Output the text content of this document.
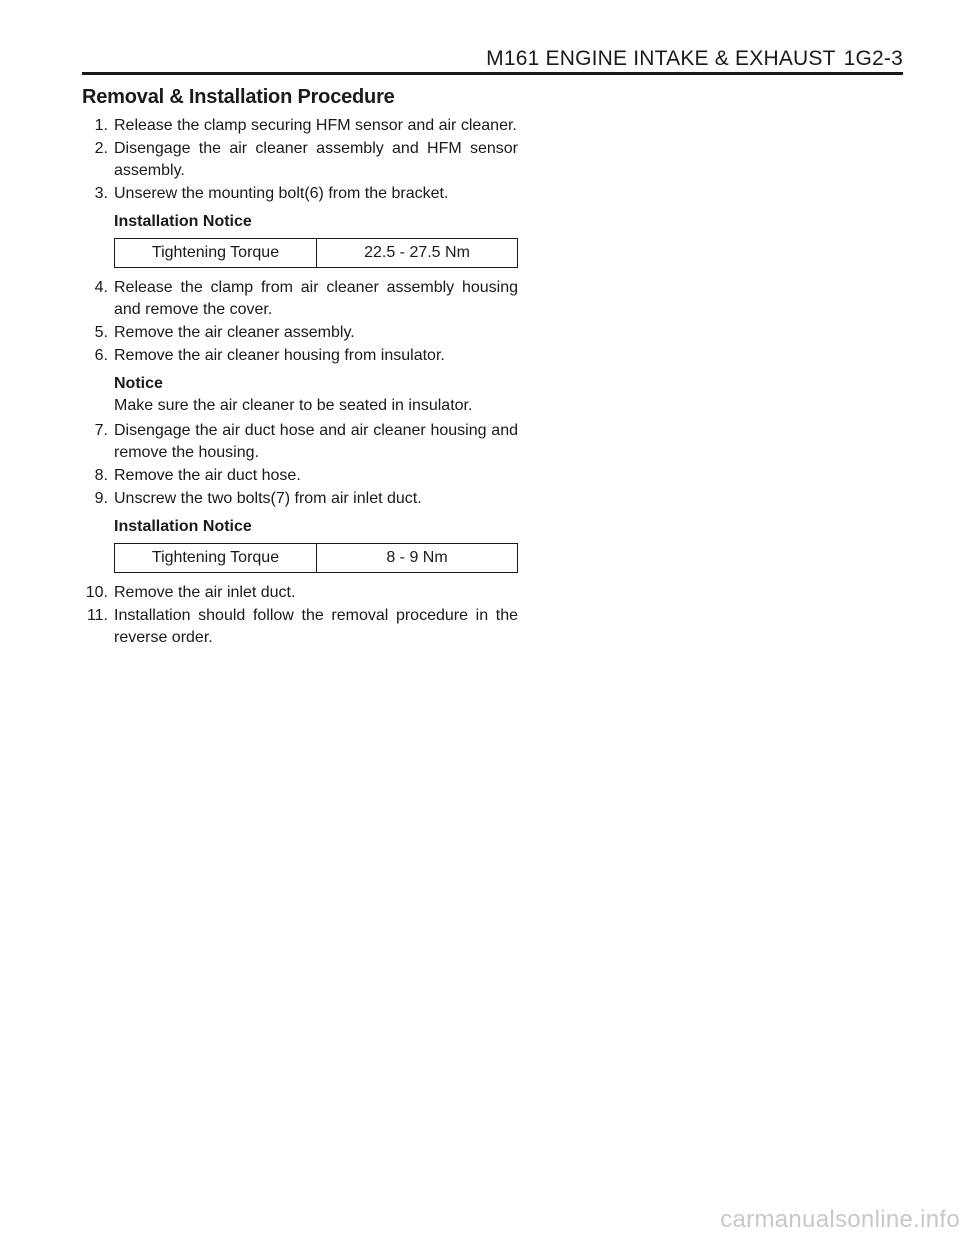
M161 ENGINE INTAKE & EXHAUST 1G2-3
Removal & Installation Procedure
1. Release the clamp securing HFM sensor and air cleaner.
2. Disengage the air cleaner assembly and HFM sensor assembly.
3. Unserew the mounting bolt(6) from the bracket.
Installation Notice
Tightening Torque	22.5 - 27.5 Nm
4. Release the clamp from air cleaner assembly housing and remove the cover.
5. Remove the air cleaner assembly.
6. Remove the air cleaner housing from insulator.
Notice
Make sure the air cleaner to be seated in insulator.
7. Disengage the air duct hose and air cleaner housing and remove the housing.
8. Remove the air duct hose.
9. Unscrew the two bolts(7) from air inlet duct.
Installation Notice
Tightening Torque	8 - 9 Nm
10. Remove the air inlet duct.
11. Installation should follow the removal procedure in the reverse order.
carmanualsonline.info
